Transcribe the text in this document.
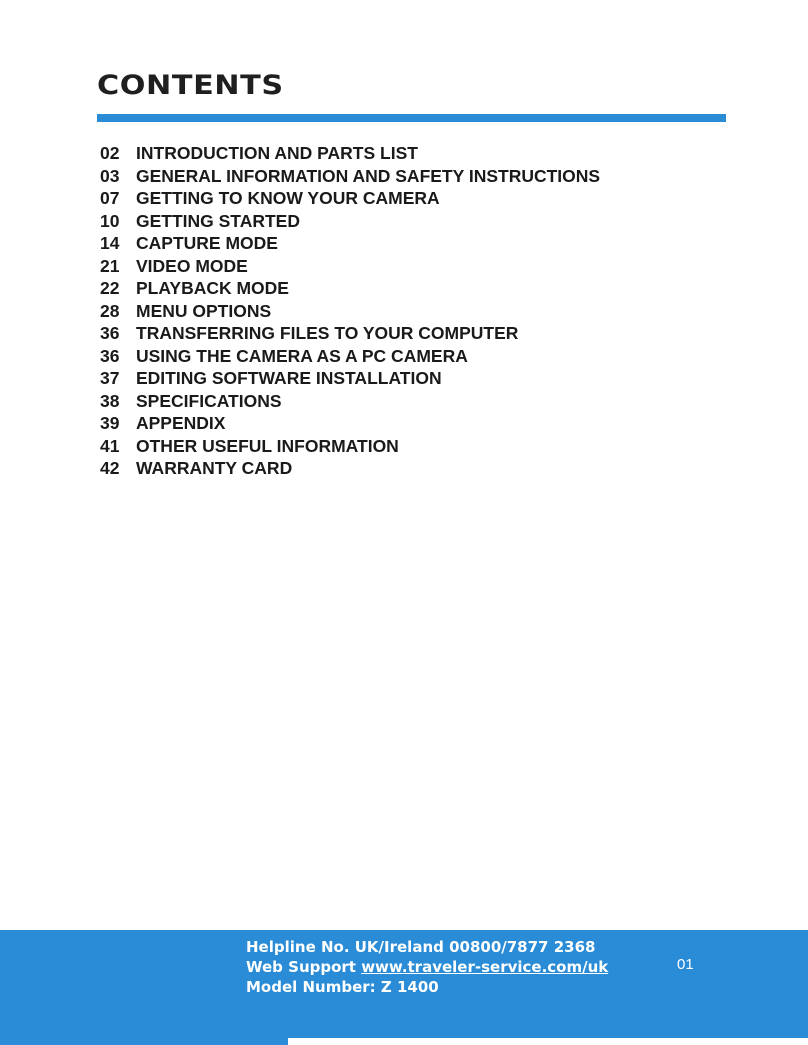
CONTENTS
02 INTRODUCTION AND PARTS LIST
03 GENERAL INFORMATION AND SAFETY INSTRUCTIONS
07 GETTING TO KNOW YOUR CAMERA
10 GETTING STARTED
14 CAPTURE MODE
21 VIDEO MODE
22 PLAYBACK MODE
28 MENU OPTIONS
36 TRANSFERRING FILES TO YOUR COMPUTER
36 USING THE CAMERA AS A PC CAMERA
37 EDITING SOFTWARE INSTALLATION
38 SPECIFICATIONS
39 APPENDIX
41 OTHER USEFUL INFORMATION
42 WARRANTY CARD
Helpline No. UK/Ireland 00800/7877 2368
Web Support www.traveler-service.com/uk
Model Number: Z 1400
01
